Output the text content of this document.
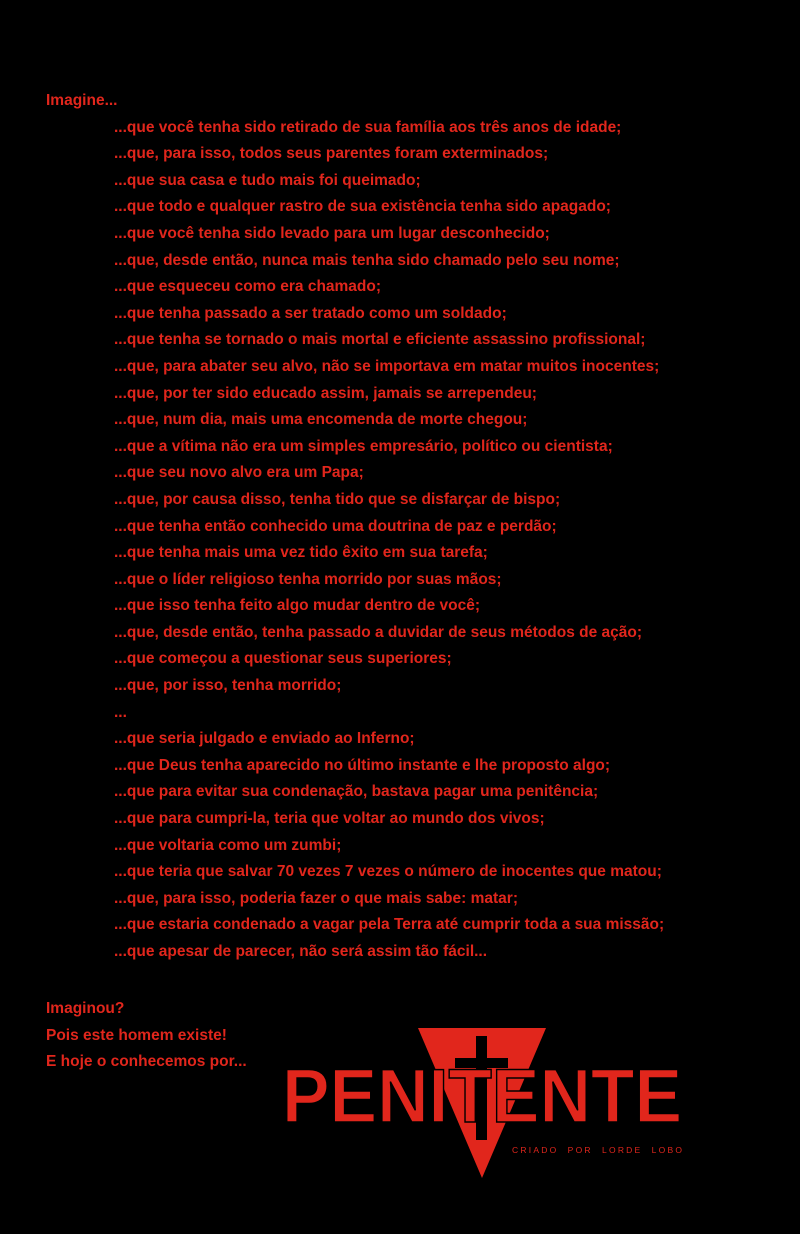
Imagine...
...que você tenha sido retirado de sua família aos três anos de idade;
...que, para isso, todos seus parentes foram exterminados;
...que sua casa e tudo mais foi queimado;
...que todo e qualquer rastro de sua existência tenha sido apagado;
...que você tenha sido levado para um lugar desconhecido;
...que, desde então, nunca mais tenha sido chamado pelo seu nome;
...que esqueceu como era chamado;
...que tenha passado a ser tratado como um soldado;
...que tenha se tornado o mais mortal e eficiente assassino profissional;
...que, para abater seu alvo, não se importava em matar muitos inocentes;
...que, por ter sido educado assim, jamais se arrependeu;
...que, num dia, mais uma encomenda de morte chegou;
...que a vítima não era um simples empresário, político ou cientista;
...que seu novo alvo era um Papa;
...que, por causa disso, tenha tido que se disfarçar de bispo;
...que tenha então conhecido uma doutrina de paz e perdão;
...que tenha mais uma vez tido êxito em sua tarefa;
...que o líder religioso tenha morrido por suas mãos;
...que isso tenha feito algo mudar dentro de você;
...que, desde então, tenha passado a duvidar de seus métodos de ação;
...que começou a questionar seus superiores;
...que, por isso, tenha morrido;
...
...que seria julgado e enviado ao Inferno;
...que Deus tenha aparecido no último instante e lhe proposto algo;
...que para evitar sua condenação, bastava pagar uma penitência;
...que para cumpri-la, teria que voltar ao mundo dos vivos;
...que voltaria como um zumbi;
...que teria que salvar 70 vezes 7 vezes o número de inocentes que matou;
...que, para isso, poderia fazer o que mais sabe: matar;
...que estaria condenado a vagar pela Terra até cumprir toda a sua missão;
...que apesar de parecer, não será assim tão fácil...
Imaginou?
Pois este homem existe!
E hoje o conhecemos por... PENITENTE
CRIADO  POR  LORDE  LOBO
